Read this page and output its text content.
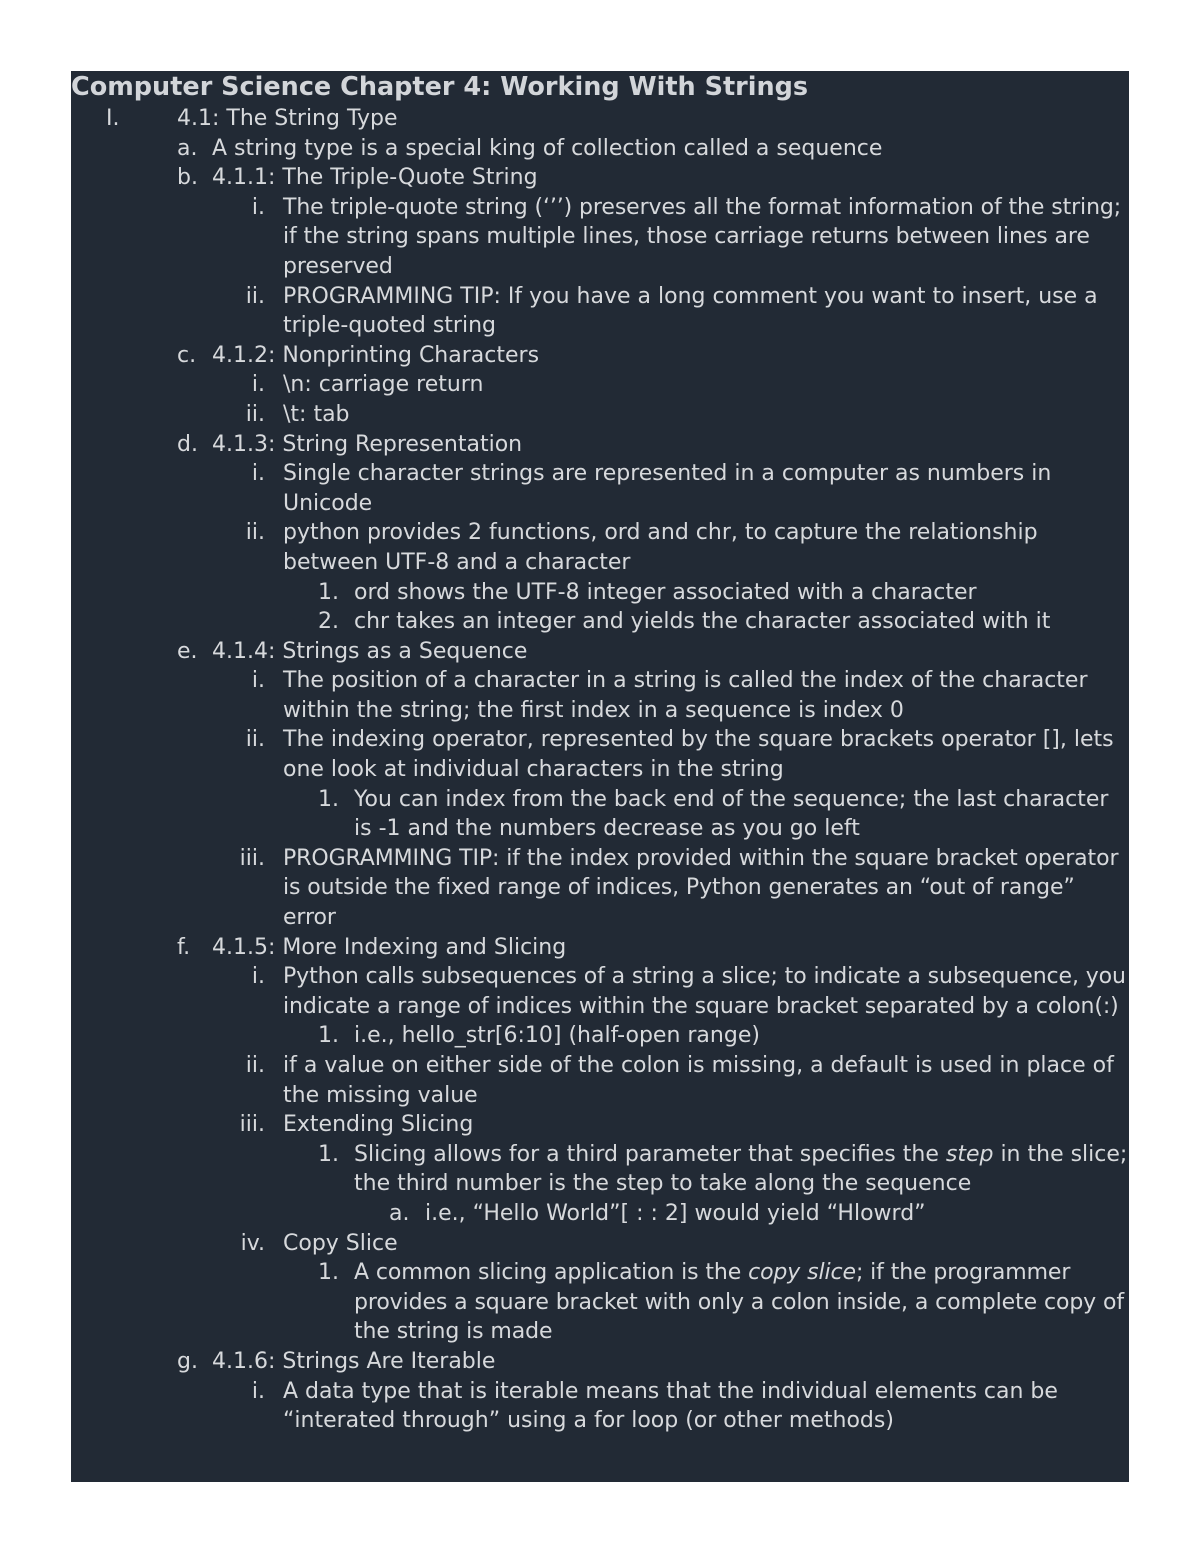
Computer Science Chapter 4: Working With Strings
I.	4.1: The String Type
a. A string type is a special king of collection called a sequence
b. 4.1.1: The Triple-Quote String
i. The triple-quote string (‘’’) preserves all the format information of the string; if the string spans multiple lines, those carriage returns between lines are preserved
ii. PROGRAMMING TIP: If you have a long comment you want to insert, use a triple-quoted string
c. 4.1.2: Nonprinting Characters
i. \n: carriage return
ii. \t: tab
d. 4.1.3: String Representation
i. Single character strings are represented in a computer as numbers in Unicode
ii. python provides 2 functions, ord and chr, to capture the relationship between UTF-8 and a character
1. ord shows the UTF-8 integer associated with a character
2. chr takes an integer and yields the character associated with it
e. 4.1.4: Strings as a Sequence
i. The position of a character in a string is called the index of the character within the string; the first index in a sequence is index 0
ii. The indexing operator, represented by the square brackets operator [], lets one look at individual characters in the string
1. You can index from the back end of the sequence; the last character is -1 and the numbers decrease as you go left
iii. PROGRAMMING TIP: if the index provided within the square bracket operator is outside the fixed range of indices, Python generates an “out of range” error
f. 4.1.5: More Indexing and Slicing
i. Python calls subsequences of a string a slice; to indicate a subsequence, you indicate a range of indices within the square bracket separated by a colon(:)
1. i.e., hello_str[6:10] (half-open range)
ii. if a value on either side of the colon is missing, a default is used in place of the missing value
iii. Extending Slicing
1. Slicing allows for a third parameter that specifies the step in the slice; the third number is the step to take along the sequence
a. i.e., “Hello World”[ : : 2] would yield “Hlowrd”
iv. Copy Slice
1. A common slicing application is the copy slice; if the programmer provides a square bracket with only a colon inside, a complete copy of the string is made
g. 4.1.6: Strings Are Iterable
i. A data type that is iterable means that the individual elements can be “interated through” using a for loop (or other methods)
